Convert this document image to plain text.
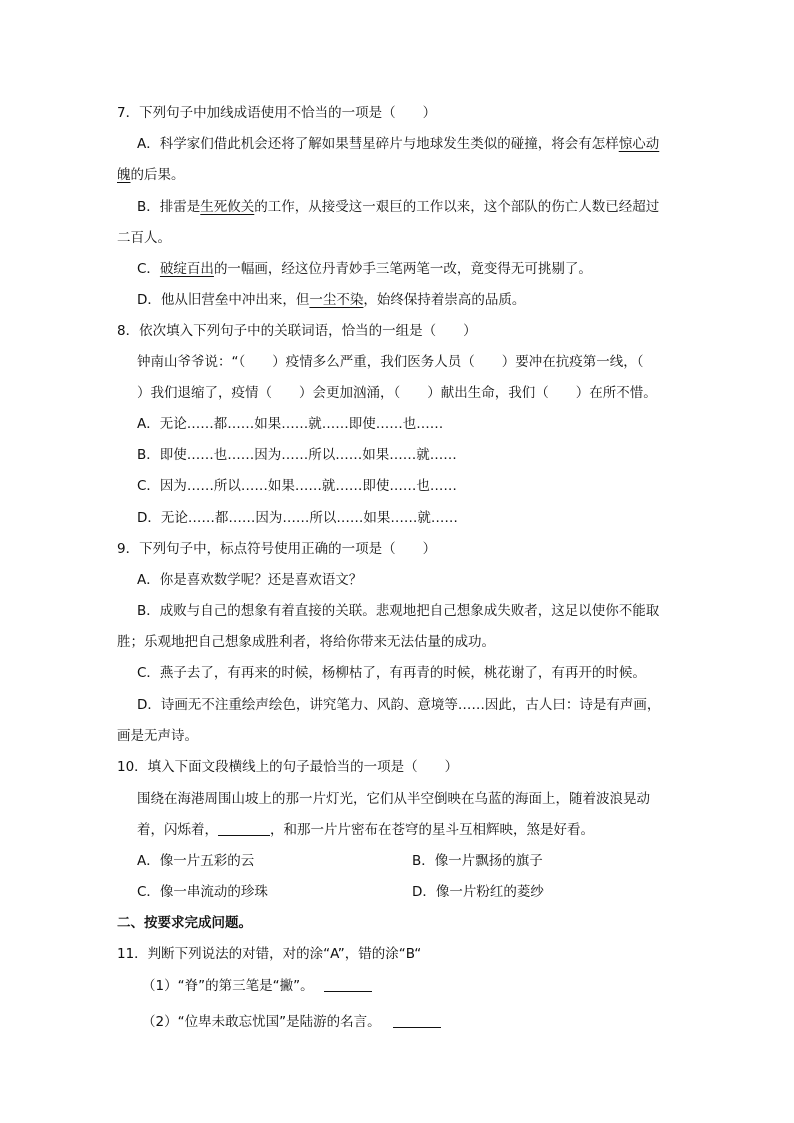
7．下列句子中加线成语使用不恰当的一项是（　　）
A．科学家们借此机会还将了解如果彗星碎片与地球发生类似的碰撞，将会有怎样惊心动
魄的后果。
B．排雷是生死攸关的工作，从接受这一艰巨的工作以来，这个部队的伤亡人数已经超过
二百人。
C．破绽百出的一幅画，经这位丹青妙手三笔两笔一改，竟变得无可挑剔了。
D．他从旧营垒中冲出来，但一尘不染，始终保持着崇高的品质。
8．依次填入下列句子中的关联词语，恰当的一组是（　　）
钟南山爷爷说：“（　　）疫情多么严重，我们医务人员（　　）要冲在抗疫第一线，（
）我们退缩了，疫情（　　）会更加汹涌，（　　）献出生命，我们（　　）在所不惜。
A．无论……都……如果……就……即使……也……
B．即使……也……因为……所以……如果……就……
C．因为……所以……如果……就……即使……也……
D．无论……都……因为……所以……如果……就……
9．下列句子中，标点符号使用正确的一项是（　　）
A．你是喜欢数学呢？还是喜欢语文？
B．成败与自己的想象有着直接的关联。悲观地把自己想象成失败者，这足以使你不能取
胜；乐观地把自己想象成胜利者，将给你带来无法估量的成功。
C．燕子去了，有再来的时候，杨柳枯了，有再青的时候，桃花谢了，有再开的时候。
D．诗画无不注重绘声绘色，讲究笔力、风韵、意境等……因此，古人曰：诗是有声画，
画是无声诗。
10．填入下面文段横线上的句子最恰当的一项是（　　）
围绕在海港周围山坡上的那一片灯光，它们从半空倒映在乌蓝的海面上，随着波浪晃动
着，闪烁着，	，和那一片片密布在苍穹的星斗互相辉映，煞是好看。
A．像一片五彩的云	B．像一片飘扬的旗子
C．像一串流动的珍珠	D．像一片粉红的菱纱
二、按要求完成问题。
11．判断下列说法的对错，对的涂“A”，错的涂“B“
（1）“脊”的第三笔是“撇”。
（2）“位卑未敢忘忧国”是陆游的名言。
